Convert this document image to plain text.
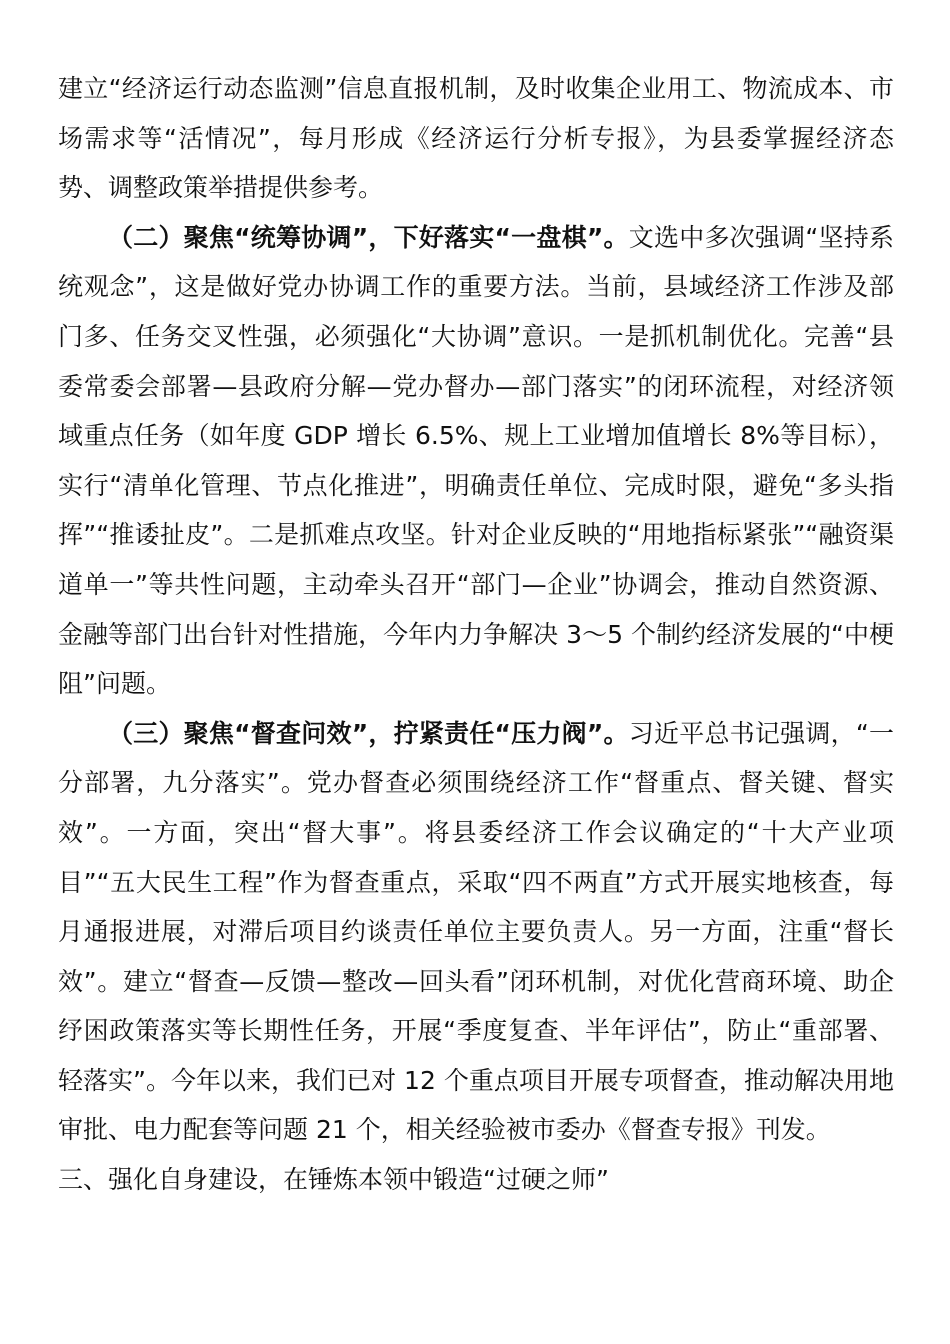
建立“经济运行动态监测”信息直报机制，及时收集企业用工、物流成本、市场需求等“活情况”，每月形成《经济运行分析专报》，为县委掌握经济态势、调整政策举措提供参考。

（二）聚焦“统筹协调”，下好落实“一盘棋”。文选中多次强调“坚持系统观念”，这是做好党办协调工作的重要方法。当前，县域经济工作涉及部门多、任务交叉性强，必须强化“大协调”意识。一是抓机制优化。完善“县委常委会部署—县政府分解—党办督办—部门落实”的闭环流程，对经济领域重点任务（如年度 GDP 增长 6.5%、规上工业增加值增长 8%等目标），实行“清单化管理、节点化推进”，明确责任单位、完成时限，避免“多头指挥”“推诿扯皮”。二是抓难点攻坚。针对企业反映的“用地指标紧张”“融资渠道单一”等共性问题，主动牵头召开“部门—企业”协调会，推动自然资源、金融等部门出台针对性措施，今年内力争解决 3～5 个制约经济发展的“中梗阻”问题。

（三）聚焦“督查问效”，拧紧责任“压力阀”。习近平总书记强调，“一分部署，九分落实”。党办督查必须围绕经济工作“督重点、督关键、督实效”。一方面，突出“督大事”。将县委经济工作会议确定的“十大产业项目”“五大民生工程”作为督查重点，采取“四不两直”方式开展实地核查，每月通报进展，对滞后项目约谈责任单位主要负责人。另一方面，注重“督长效”。建立“督查—反馈—整改—回头看”闭环机制，对优化营商环境、助企纾困政策落实等长期性任务，开展“季度复查、半年评估”，防止“重部署、轻落实”。今年以来，我们已对 12 个重点项目开展专项督查，推动解决用地审批、电力配套等问题 21 个，相关经验被市委办《督查专报》刊发。

三、强化自身建设，在锤炼本领中锻造“过硬之师”
